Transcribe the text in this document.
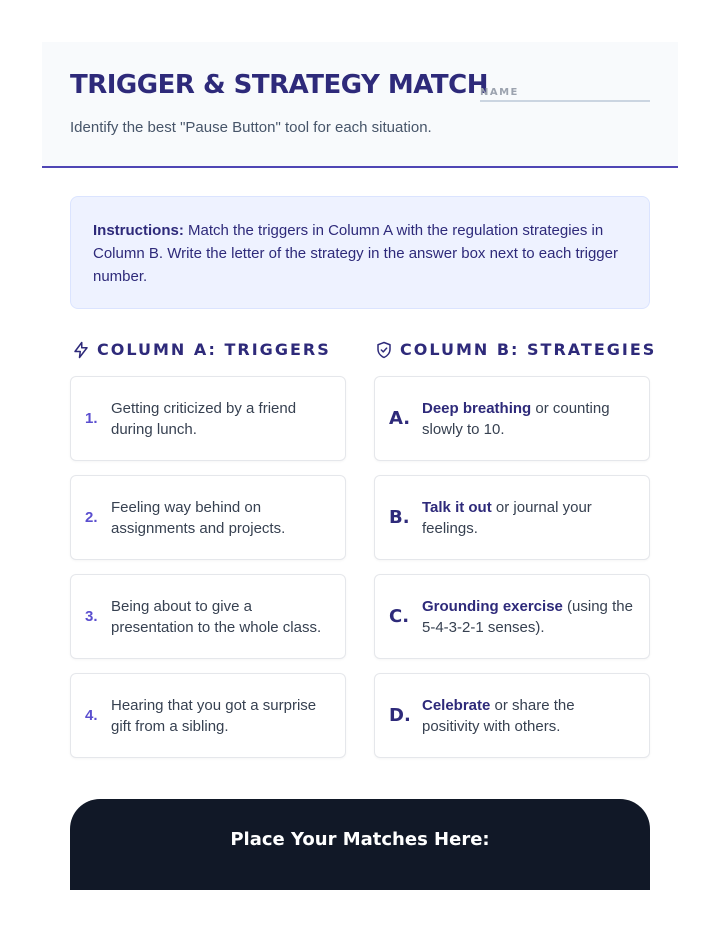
TRIGGER & STRATEGY MATCH
NAME
Identify the best "Pause Button" tool for each situation.
Instructions: Match the triggers in Column A with the regulation strategies in Column B. Write the letter of the strategy in the answer box next to each trigger number.
COLUMN A: TRIGGERS	COLUMN B: STRATEGIES
1.
Getting criticized by a friend during lunch.
2.
Feeling way behind on assignments and projects.
3.
Being about to give a presentation to the whole class.
4.
Hearing that you got a surprise gift from a sibling.
A. Deep breathing or counting slowly to 10.
B. Talk it out or journal your feelings.
C. Grounding exercise (using the 5-4-3-2-1 senses).
D. Celebrate or share the positivity with others.
Place Your Matches Here:
